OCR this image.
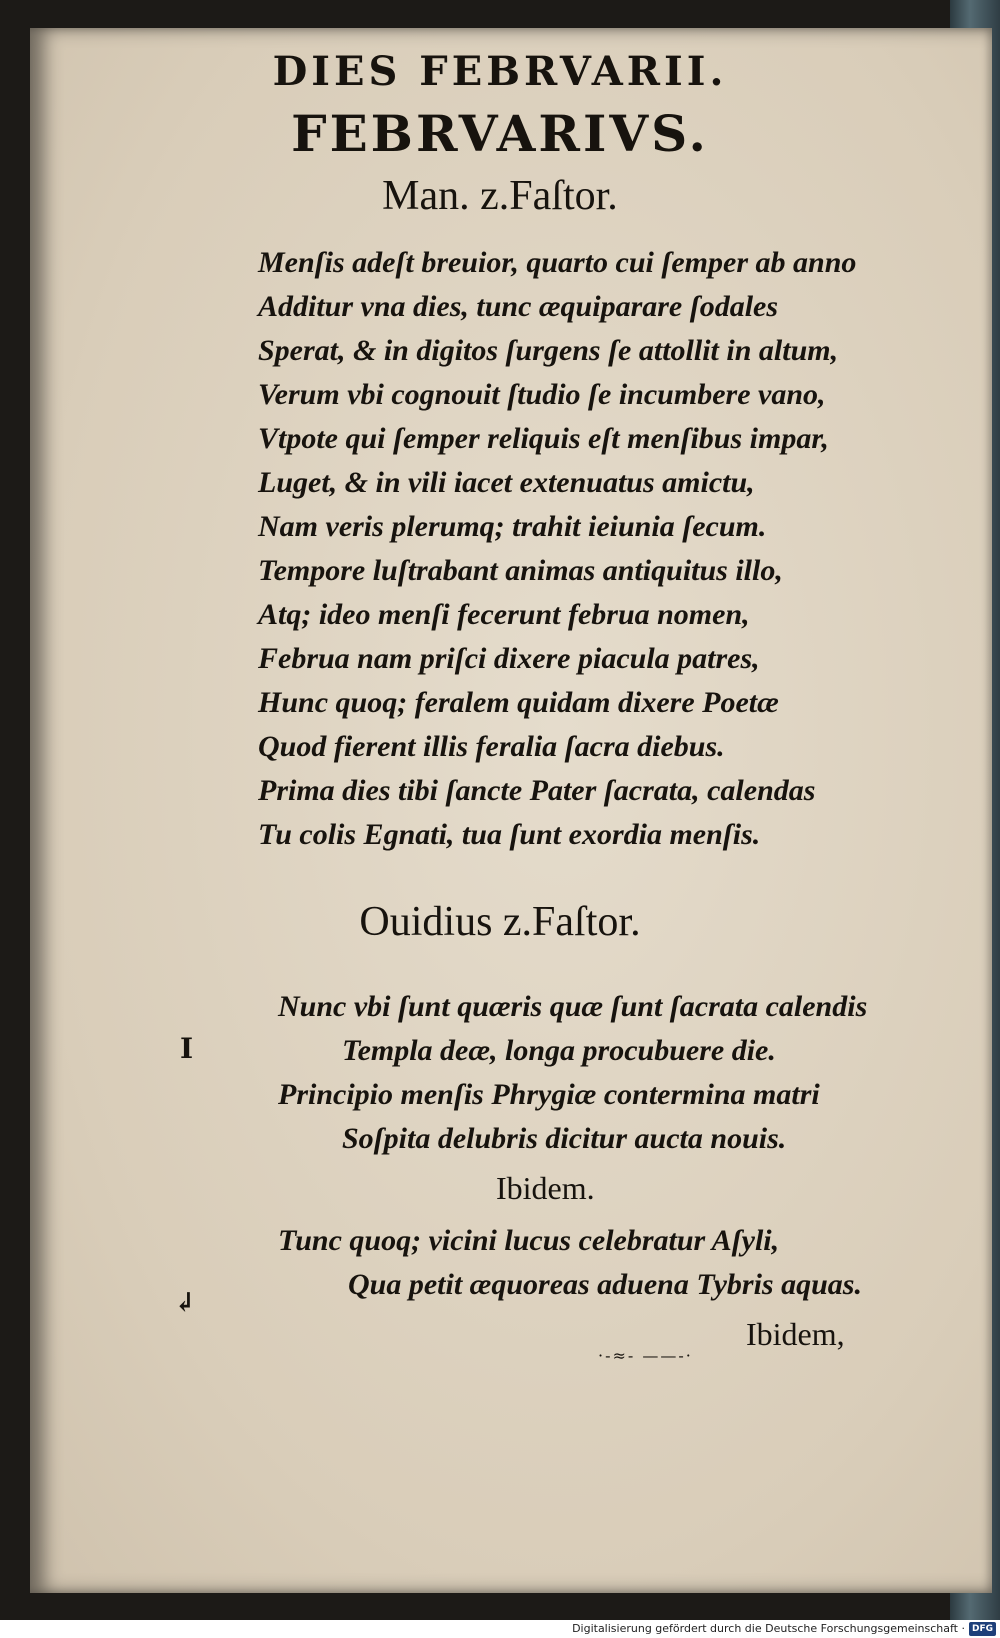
DIES FEBRVARII.
FEBRVARIVS.
Man. z.Faſtor.
Menſis adeſt breuior, quarto cui ſemper ab anno
Additur vna dies, tunc æquiparare ſodales
Sperat, & in digitos ſurgens ſe attollit in altum,
Verum vbi cognouit ſtudio ſe incumbere vano,
Vtpote qui ſemper reliquis eſt menſibus impar,
Luget, & in vili iacet extenuatus amictu,
Nam veris plerumq; trahit ieiunia ſecum.
Tempore luſtrabant animas antiquitus illo,
Atq; ideo menſi fecerunt februa nomen,
Februa nam priſci dixere piacula patres,
Hunc quoq; feralem quidam dixere Poetæ
Quod fierent illis feralia ſacra diebus.
Prima dies tibi ſancte Pater ſacrata, calendas
Tu colis Egnati, tua ſunt exordia menſis.
Ouidius z.Faſtor.
Nunc vbi ſunt quæris quæ ſunt ſacrata calendis
Templa deæ, longa procubuere die.
Principio menſis Phrygiæ contermina matri
Soſpita delubris dicitur aucta nouis.
Ibidem.
Tunc quoq; vicini lucus celebratur Aſyli,
Qua petit æquoreas aduena Tybris aquas.
Ibidem,
I
↲
·-≈- ——-·
Digitalisierung gefördert durch die Deutsche Forschungsgemeinschaft · DFG
